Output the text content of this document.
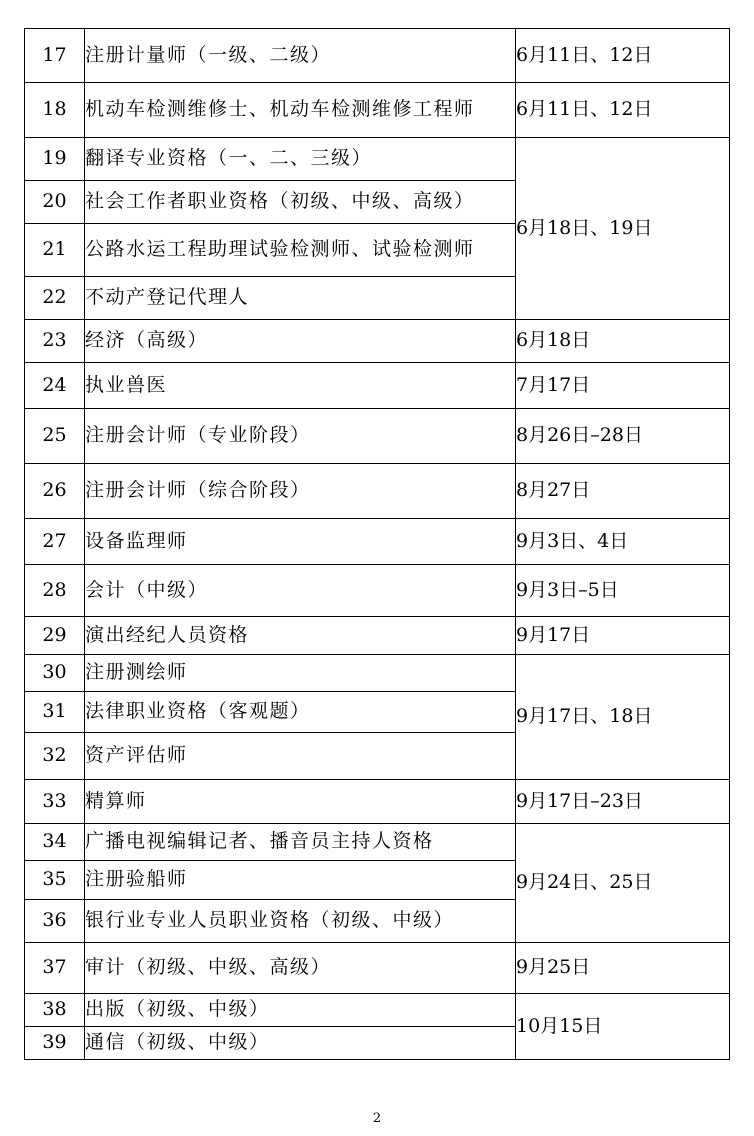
17	注册计量师（一级、二级）	6月11日、12日
18	机动车检测维修士、机动车检测维修工程师	6月11日、12日
19	翻译专业资格（一、二、三级）	6月18日、19日
20	社会工作者职业资格（初级、中级、高级）	
21	公路水运工程助理试验检测师、试验检测师	
22	不动产登记代理人	
23	经济（高级）	6月18日
24	执业兽医	7月17日
25	注册会计师（专业阶段）	8月26日–28日
26	注册会计师（综合阶段）	8月27日
27	设备监理师	9月3日、4日
28	会计（中级）	9月3日–5日
29	演出经纪人员资格	9月17日
30	注册测绘师	9月17日、18日
31	法律职业资格（客观题）	
32	资产评估师	
33	精算师	9月17日–23日
34	广播电视编辑记者、播音员主持人资格	9月24日、25日
35	注册验船师	
36	银行业专业人员职业资格（初级、中级）	
37	审计（初级、中级、高级）	9月25日
38	出版（初级、中级）	10月15日
39	通信（初级、中级）	
2
